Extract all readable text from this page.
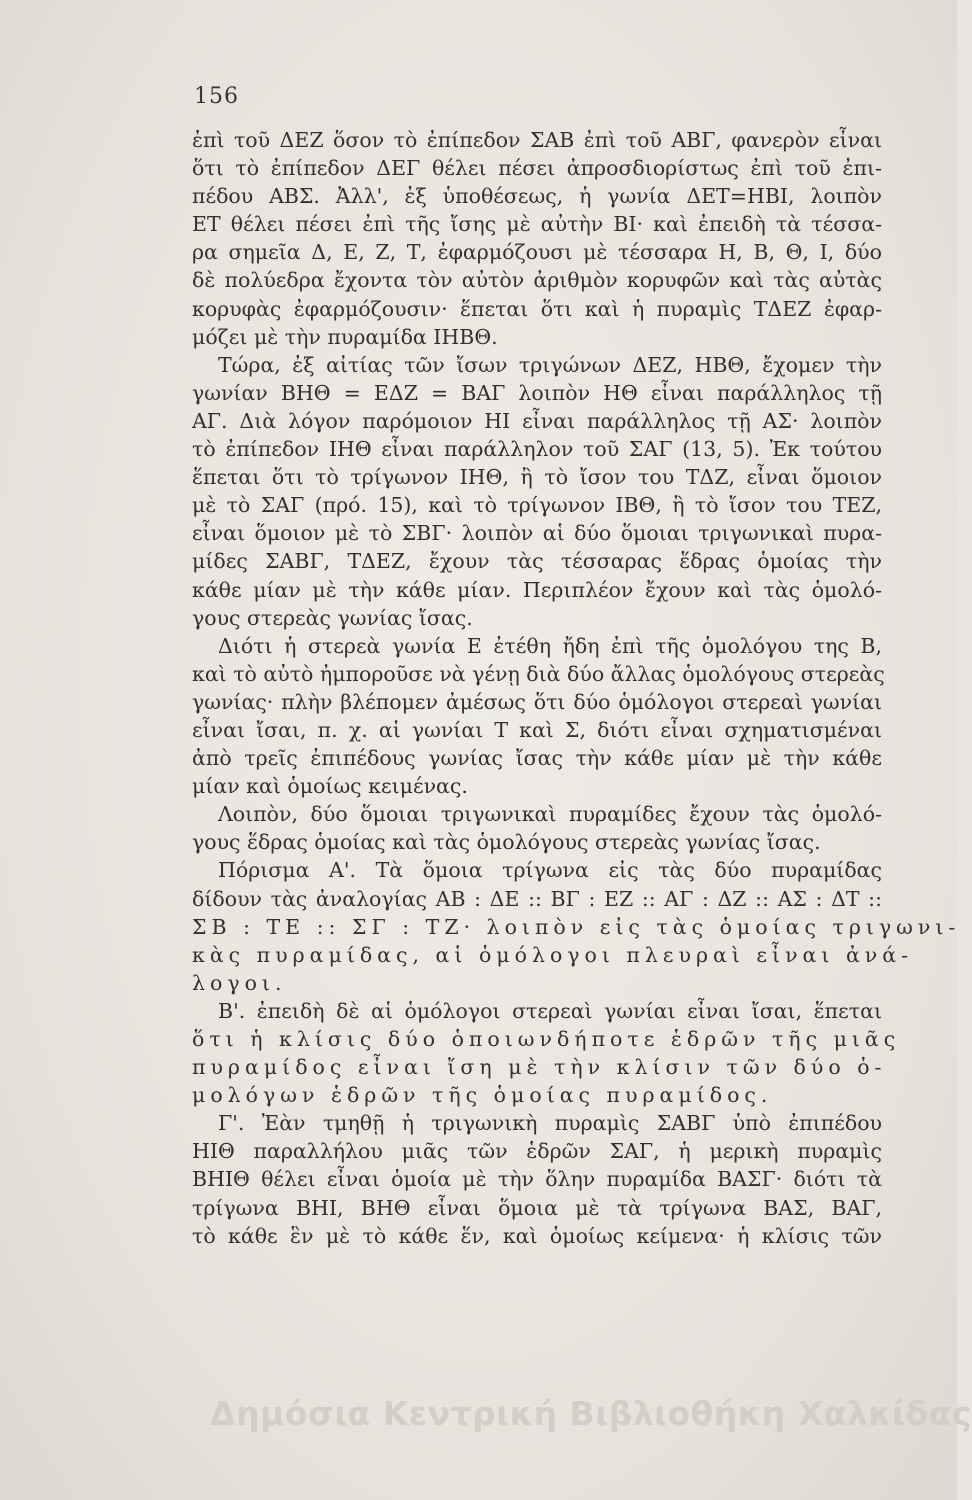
156
ἐπὶ τοῦ ΔΕΖ ὅσον τὸ ἐπίπεδον ΣΑΒ ἐπὶ τοῦ ΑΒΓ, φανερὸν εἶναι
ὅτι τὸ ἐπίπεδον ΔΕΓ θέλει πέσει ἀπροσδιορίστως ἐπὶ τοῦ ἐπι-
πέδου ΑΒΣ. Ἀλλ', ἐξ ὑποθέσεως, ἡ γωνία ΔΕΤ=ΗΒΙ, λοιπὸν
ΕΤ θέλει πέσει ἐπὶ τῆς ἴσης μὲ αὐτὴν ΒΙ· καὶ ἐπειδὴ τὰ τέσσα-
ρα σημεῖα Δ, Ε, Ζ, Τ, ἐφαρμόζουσι μὲ τέσσαρα Η, Β, Θ, Ι, δύο
δὲ πολύεδρα ἔχοντα τὸν αὐτὸν ἀριθμὸν κορυφῶν καὶ τὰς αὐτὰς
κορυφὰς ἐφαρμόζουσιν· ἕπεται ὅτι καὶ ἡ πυραμὶς ΤΔΕΖ ἐφαρ-
μόζει μὲ τὴν πυραμίδα ΙΗΒΘ.
Τώρα, ἐξ αἰτίας τῶν ἴσων τριγώνων ΔΕΖ, ΗΒΘ, ἔχομεν τὴν
γωνίαν ΒΗΘ = ΕΔΖ = ΒΑΓ λοιπὸν ΗΘ εἶναι παράλληλος τῇ
ΑΓ. Διὰ λόγον παρόμοιον ΗΙ εἶναι παράλληλος τῇ ΑΣ· λοιπὸν
τὸ ἐπίπεδον ΙΗΘ εἶναι παράλληλον τοῦ ΣΑΓ (13, 5). Ἐκ τούτου
ἕπεται ὅτι τὸ τρίγωνον ΙΗΘ, ἢ τὸ ἴσον του ΤΔΖ, εἶναι ὅμοιον
μὲ τὸ ΣΑΓ (πρό. 15), καὶ τὸ τρίγωνον ΙΒΘ, ἢ τὸ ἴσον του ΤΕΖ,
εἶναι ὅμοιον μὲ τὸ ΣΒΓ· λοιπὸν αἱ δύο ὅμοιαι τριγωνικαὶ πυρα-
μίδες ΣΑΒΓ, ΤΔΕΖ, ἔχουν τὰς τέσσαρας ἕδρας ὁμοίας τὴν
κάθε μίαν μὲ τὴν κάθε μίαν. Περιπλέον ἔχουν καὶ τὰς ὁμολό-
γους στερεὰς γωνίας ἴσας.
Διότι ἡ στερεὰ γωνία Ε ἐτέθη ἤδη ἐπὶ τῆς ὁμολόγου της Β,
καὶ τὸ αὐτὸ ἠμποροῦσε νὰ γένῃ διὰ δύο ἄλλας ὁμολόγους στερεὰς
γωνίας· πλὴν βλέπομεν ἀμέσως ὅτι δύο ὁμόλογοι στερεαὶ γωνίαι
εἶναι ἴσαι, π. χ. αἱ γωνίαι Τ καὶ Σ, διότι εἶναι σχηματισμέναι
ἀπὸ τρεῖς ἐπιπέδους γωνίας ἴσας τὴν κάθε μίαν μὲ τὴν κάθε
μίαν καὶ ὁμοίως κειμένας.
Λοιπὸν, δύο ὅμοιαι τριγωνικαὶ πυραμίδες ἔχουν τὰς ὁμολό-
γους ἕδρας ὁμοίας καὶ τὰς ὁμολόγους στερεὰς γωνίας ἴσας.
Πόρισμα Α'. Τὰ ὅμοια τρίγωνα εἰς τὰς δύο πυραμίδας
δίδουν τὰς ἀναλογίας ΑΒ : ΔΕ :: ΒΓ : ΕΖ :: ΑΓ : ΔΖ :: ΑΣ : ΔΤ ::
ΣΒ : ΤΕ :: ΣΓ : ΤΖ· λοιπὸν εἰς τὰς ὁμοίας τριγωνι-
κὰς πυραμίδας, αἱ ὁμόλογοι πλευραὶ εἶναι ἀνά-
λογοι.
Β'. ἐπειδὴ δὲ αἱ ὁμόλογοι στερεαὶ γωνίαι εἶναι ἴσαι, ἕπεται
ὅτι ἡ κλίσις δύο ὁποιωνδήποτε ἑδρῶν τῆς μιᾶς
πυραμίδος εἶναι ἴση μὲ τὴν κλίσιν τῶν δύο ὁ-
μολόγων ἑδρῶν τῆς ὁμοίας πυραμίδος.
Γ'. Ἐὰν τμηθῇ ἡ τριγωνικὴ πυραμὶς ΣΑΒΓ ὑπὸ ἐπιπέδου
ΗΙΘ παραλλήλου μιᾶς τῶν ἑδρῶν ΣΑΓ, ἡ μερικὴ πυραμὶς
ΒΗΙΘ θέλει εἶναι ὁμοία μὲ τὴν ὅλην πυραμίδα ΒΑΣΓ· διότι τὰ
τρίγωνα ΒΗΙ, ΒΗΘ εἶναι ὅμοια μὲ τὰ τρίγωνα ΒΑΣ, ΒΑΓ,
τὸ κάθε ἓν μὲ τὸ κάθε ἕν, καὶ ὁμοίως κείμενα· ἡ κλίσις τῶν
Δημόσια Κεντρική Βιβλιοθήκη Χαλκίδας
